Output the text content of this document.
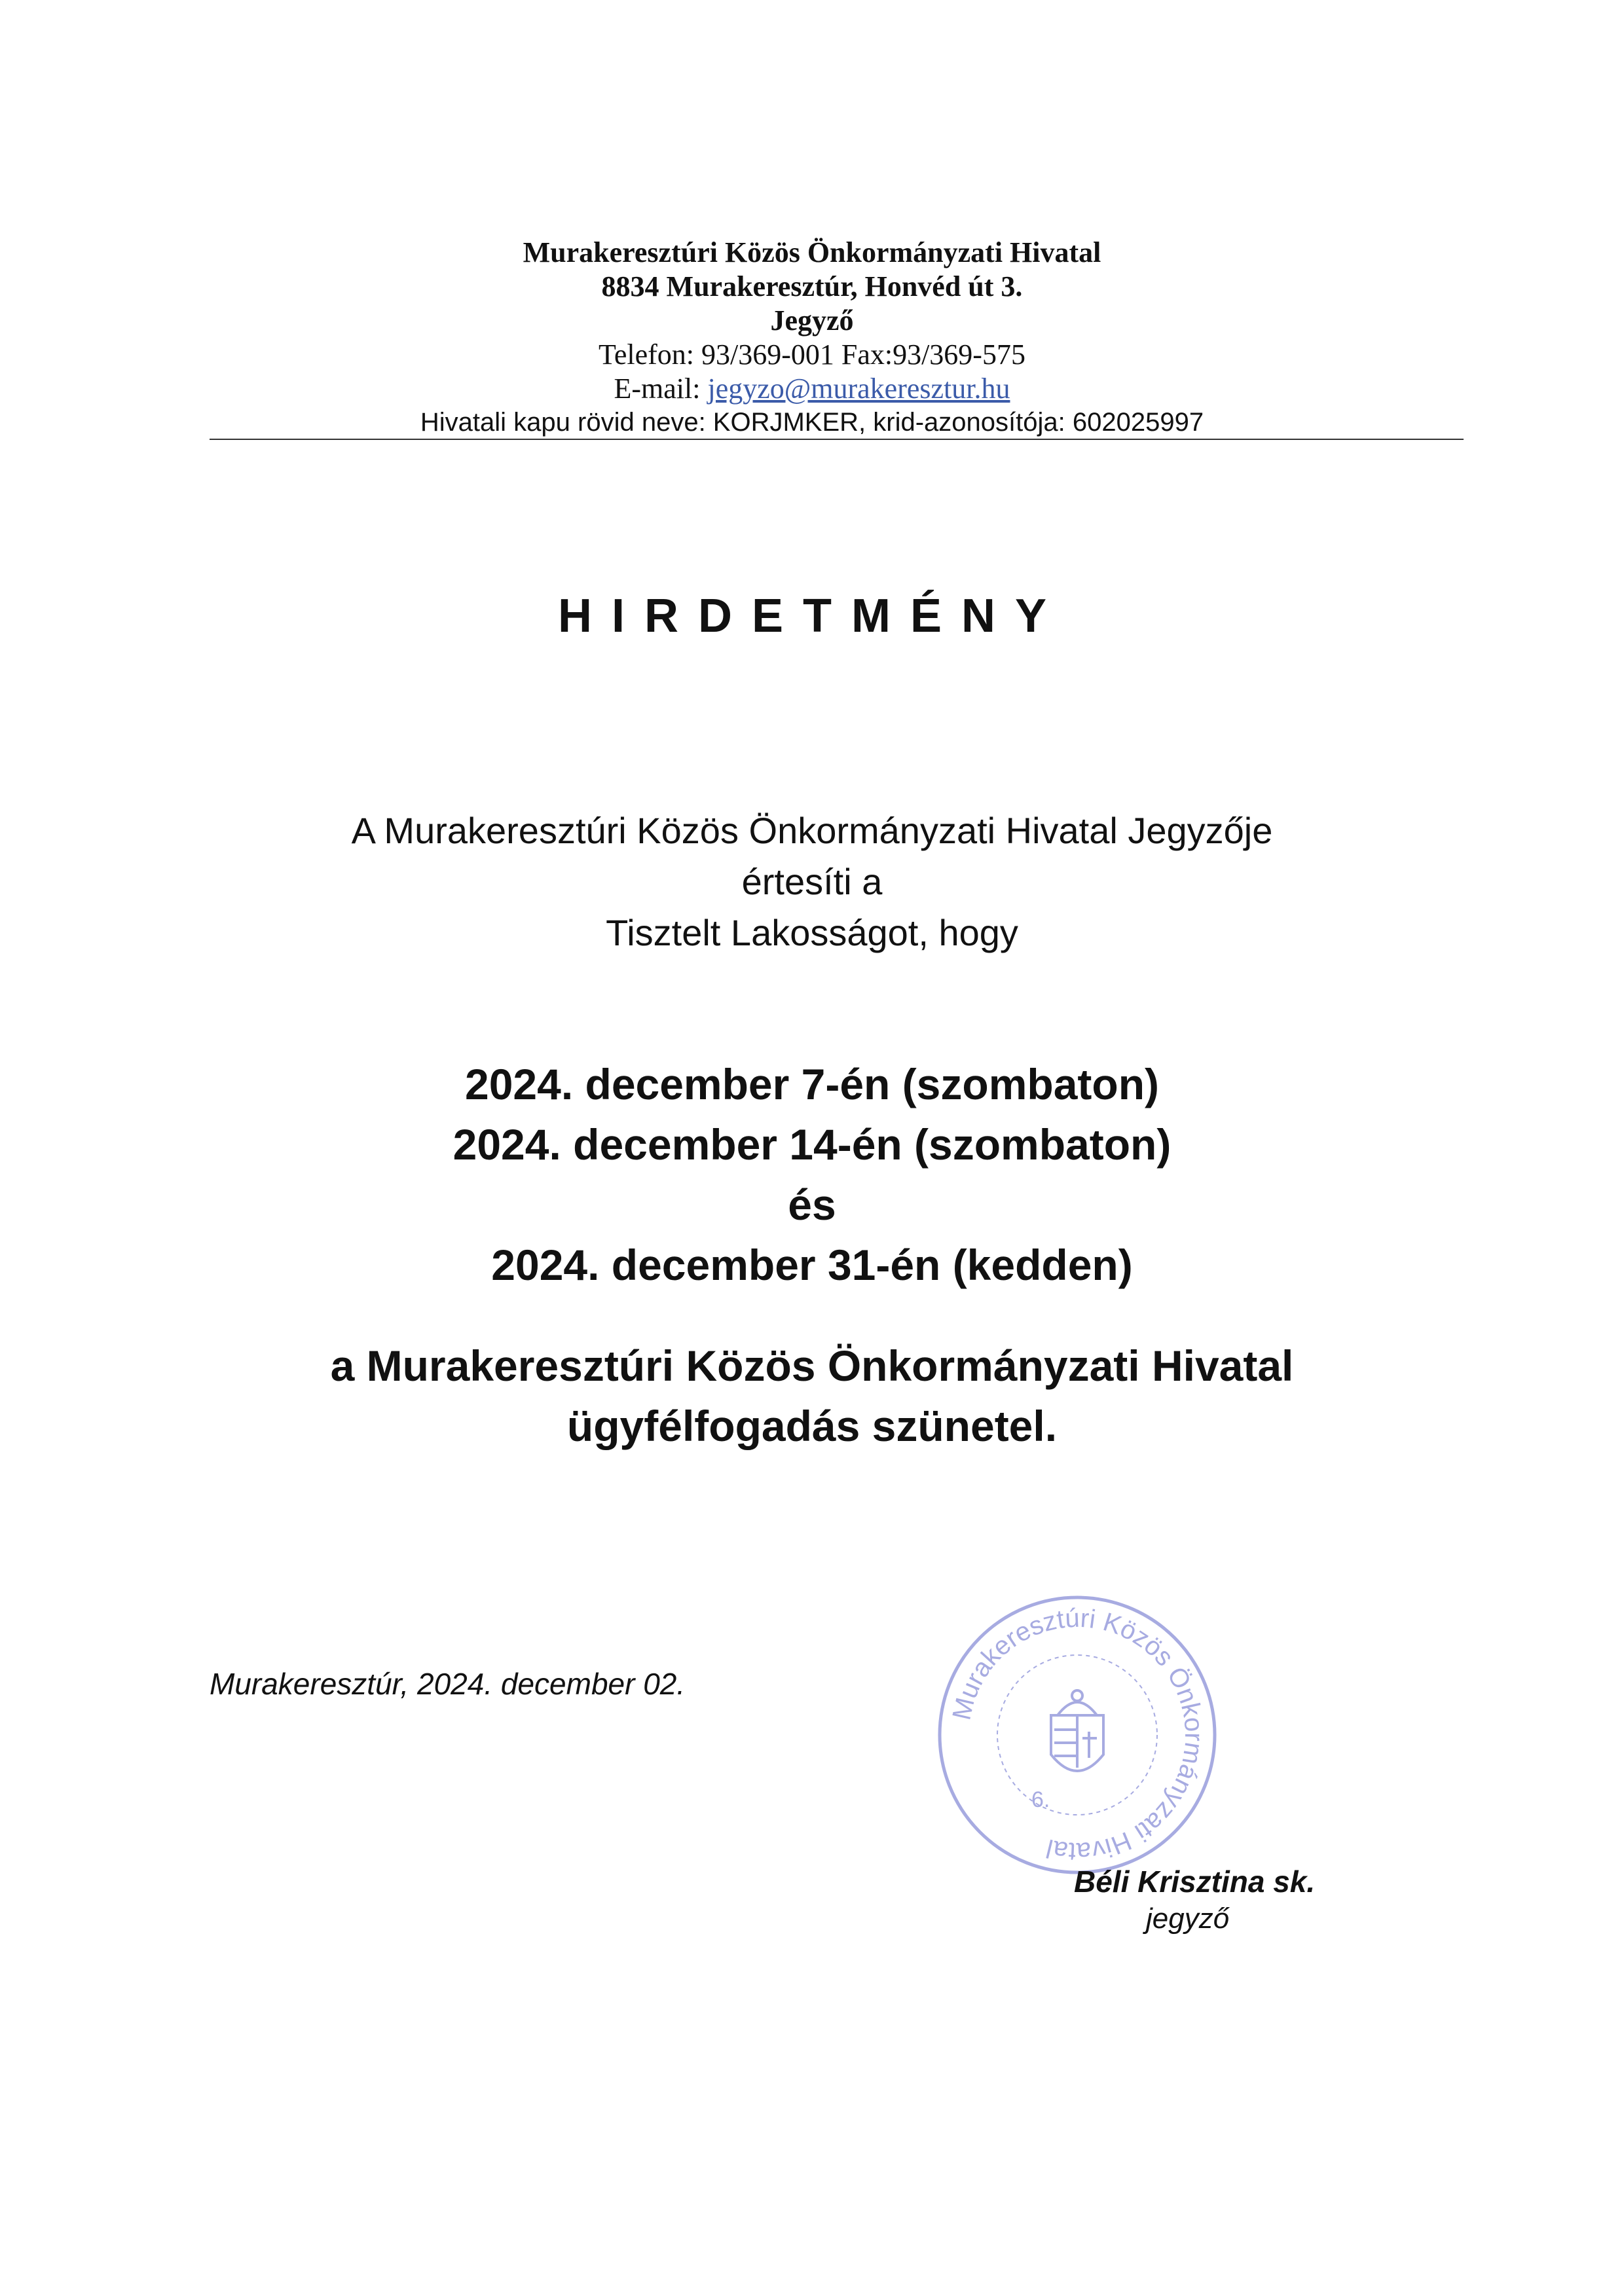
Murakeresztúri Közös Önkormányzati Hivatal
8834 Murakeresztúr, Honvéd út 3.
Jegyző
Telefon: 93/369-001 Fax:93/369-575
E-mail: jegyzo@murakeresztur.hu
Hivatali kapu rövid neve: KORJMKER, krid-azonosítója: 602025997
HIRDETMÉNY
A Murakeresztúri Közös Önkormányzati Hivatal Jegyzője
értesíti a
Tisztelt Lakosságot, hogy
2024. december 7-én (szombaton)
2024. december 14-én (szombaton)
és
2024. december 31-én (kedden)
a Murakeresztúri Közös Önkormányzati Hivatal
ügyfélfogadás szünetel.
Murakeresztúr, 2024. december 02.
Murakeresztúri Közös Önkormányzati Hivatal
6.
Béli Krisztina sk.
jegyző
